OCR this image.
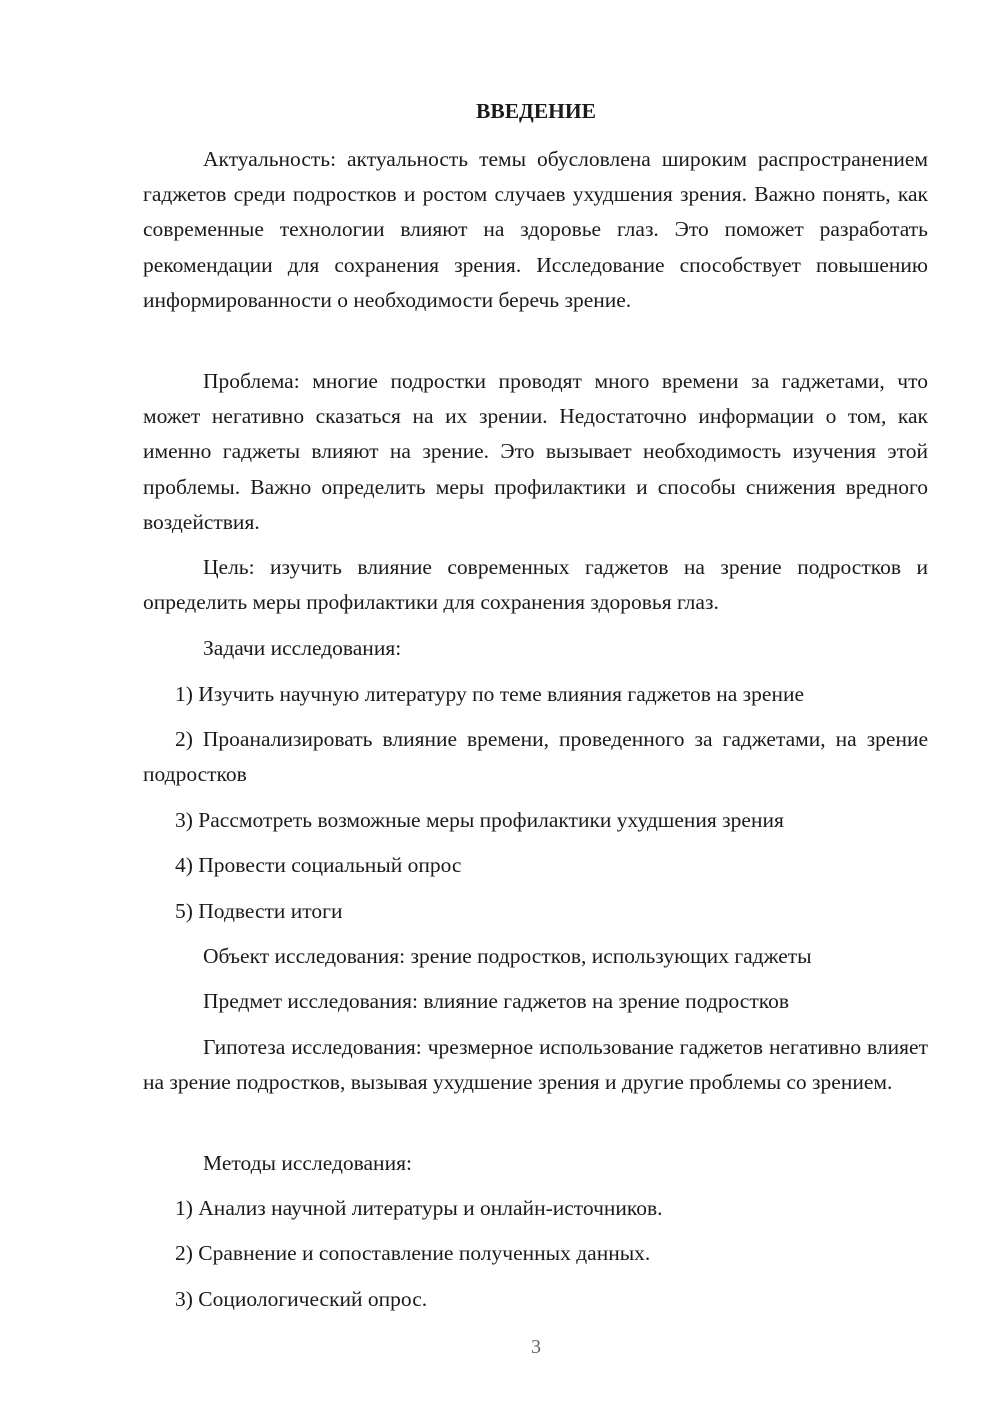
ВВЕДЕНИЕ

Актуальность: актуальность темы обусловлена широким распространением гаджетов среди подростков и ростом случаев ухудшения зрения. Важно понять, как современные технологии влияют на здоровье глаз. Это поможет разработать рекомендации для сохранения зрения. Исследование способствует повышению информированности о необходимости беречь зрение.

Проблема: многие подростки проводят много времени за гаджетами, что может негативно сказаться на их зрении. Недостаточно информации о том, как именно гаджеты влияют на зрение. Это вызывает необходимость изучения этой проблемы. Важно определить меры профилактики и способы снижения вредного воздействия.

Цель: изучить влияние современных гаджетов на зрение подростков и определить меры профилактики для сохранения здоровья глаз.

Задачи исследования:

1) Изучить научную литературу по теме влияния гаджетов на зрение

2) Проанализировать влияние времени, проведенного за гаджетами, на зрение подростков

3) Рассмотреть возможные меры профилактики ухудшения зрения

4) Провести социальный опрос

5) Подвести итоги

Объект исследования: зрение подростков, использующих гаджеты

Предмет исследования: влияние гаджетов на зрение подростков

Гипотеза исследования: чрезмерное использование гаджетов негативно влияет на зрение подростков, вызывая ухудшение зрения и другие проблемы со зрением.

Методы исследования:

1) Анализ научной литературы и онлайн-источников.

2) Сравнение и сопоставление полученных данных.

3) Социологический опрос.

3
